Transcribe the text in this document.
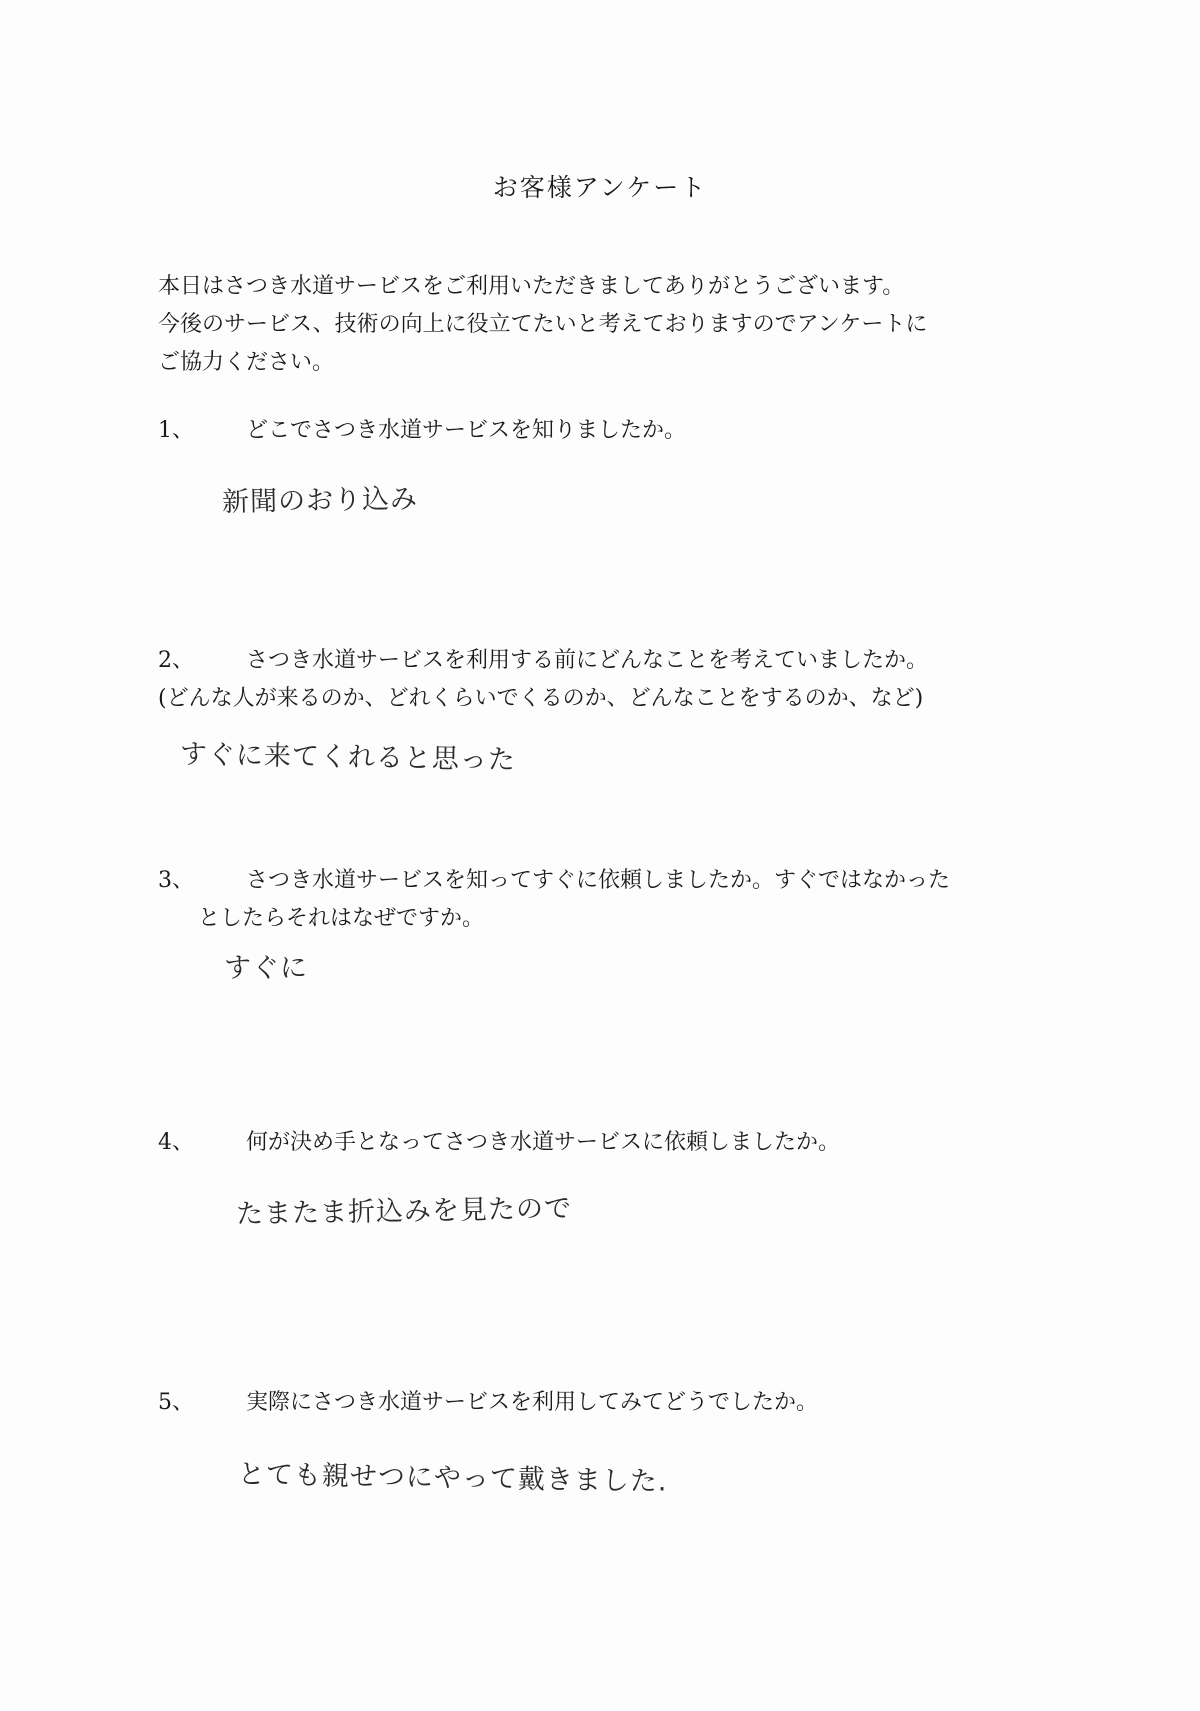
お客様アンケート
本日はさつき水道サービスをご利用いただきましてありがとうございます。
今後のサービス、技術の向上に役立てたいと考えておりますのでアンケートに
ご協力ください。
1、 どこでさつき水道サービスを知りましたか。
新聞のおり込み
2、 さつき水道サービスを利用する前にどんなことを考えていましたか。
(どんな人が来るのか、どれくらいでくるのか、どんなことをするのか、など)
すぐに来てくれると思った
3、 さつき水道サービスを知ってすぐに依頼しましたか。すぐではなかった
としたらそれはなぜですか。
すぐに
4、 何が決め手となってさつき水道サービスに依頼しましたか。
たまたま折込みを見たので
5、 実際にさつき水道サービスを利用してみてどうでしたか。
とても親せつにやって戴きました.
